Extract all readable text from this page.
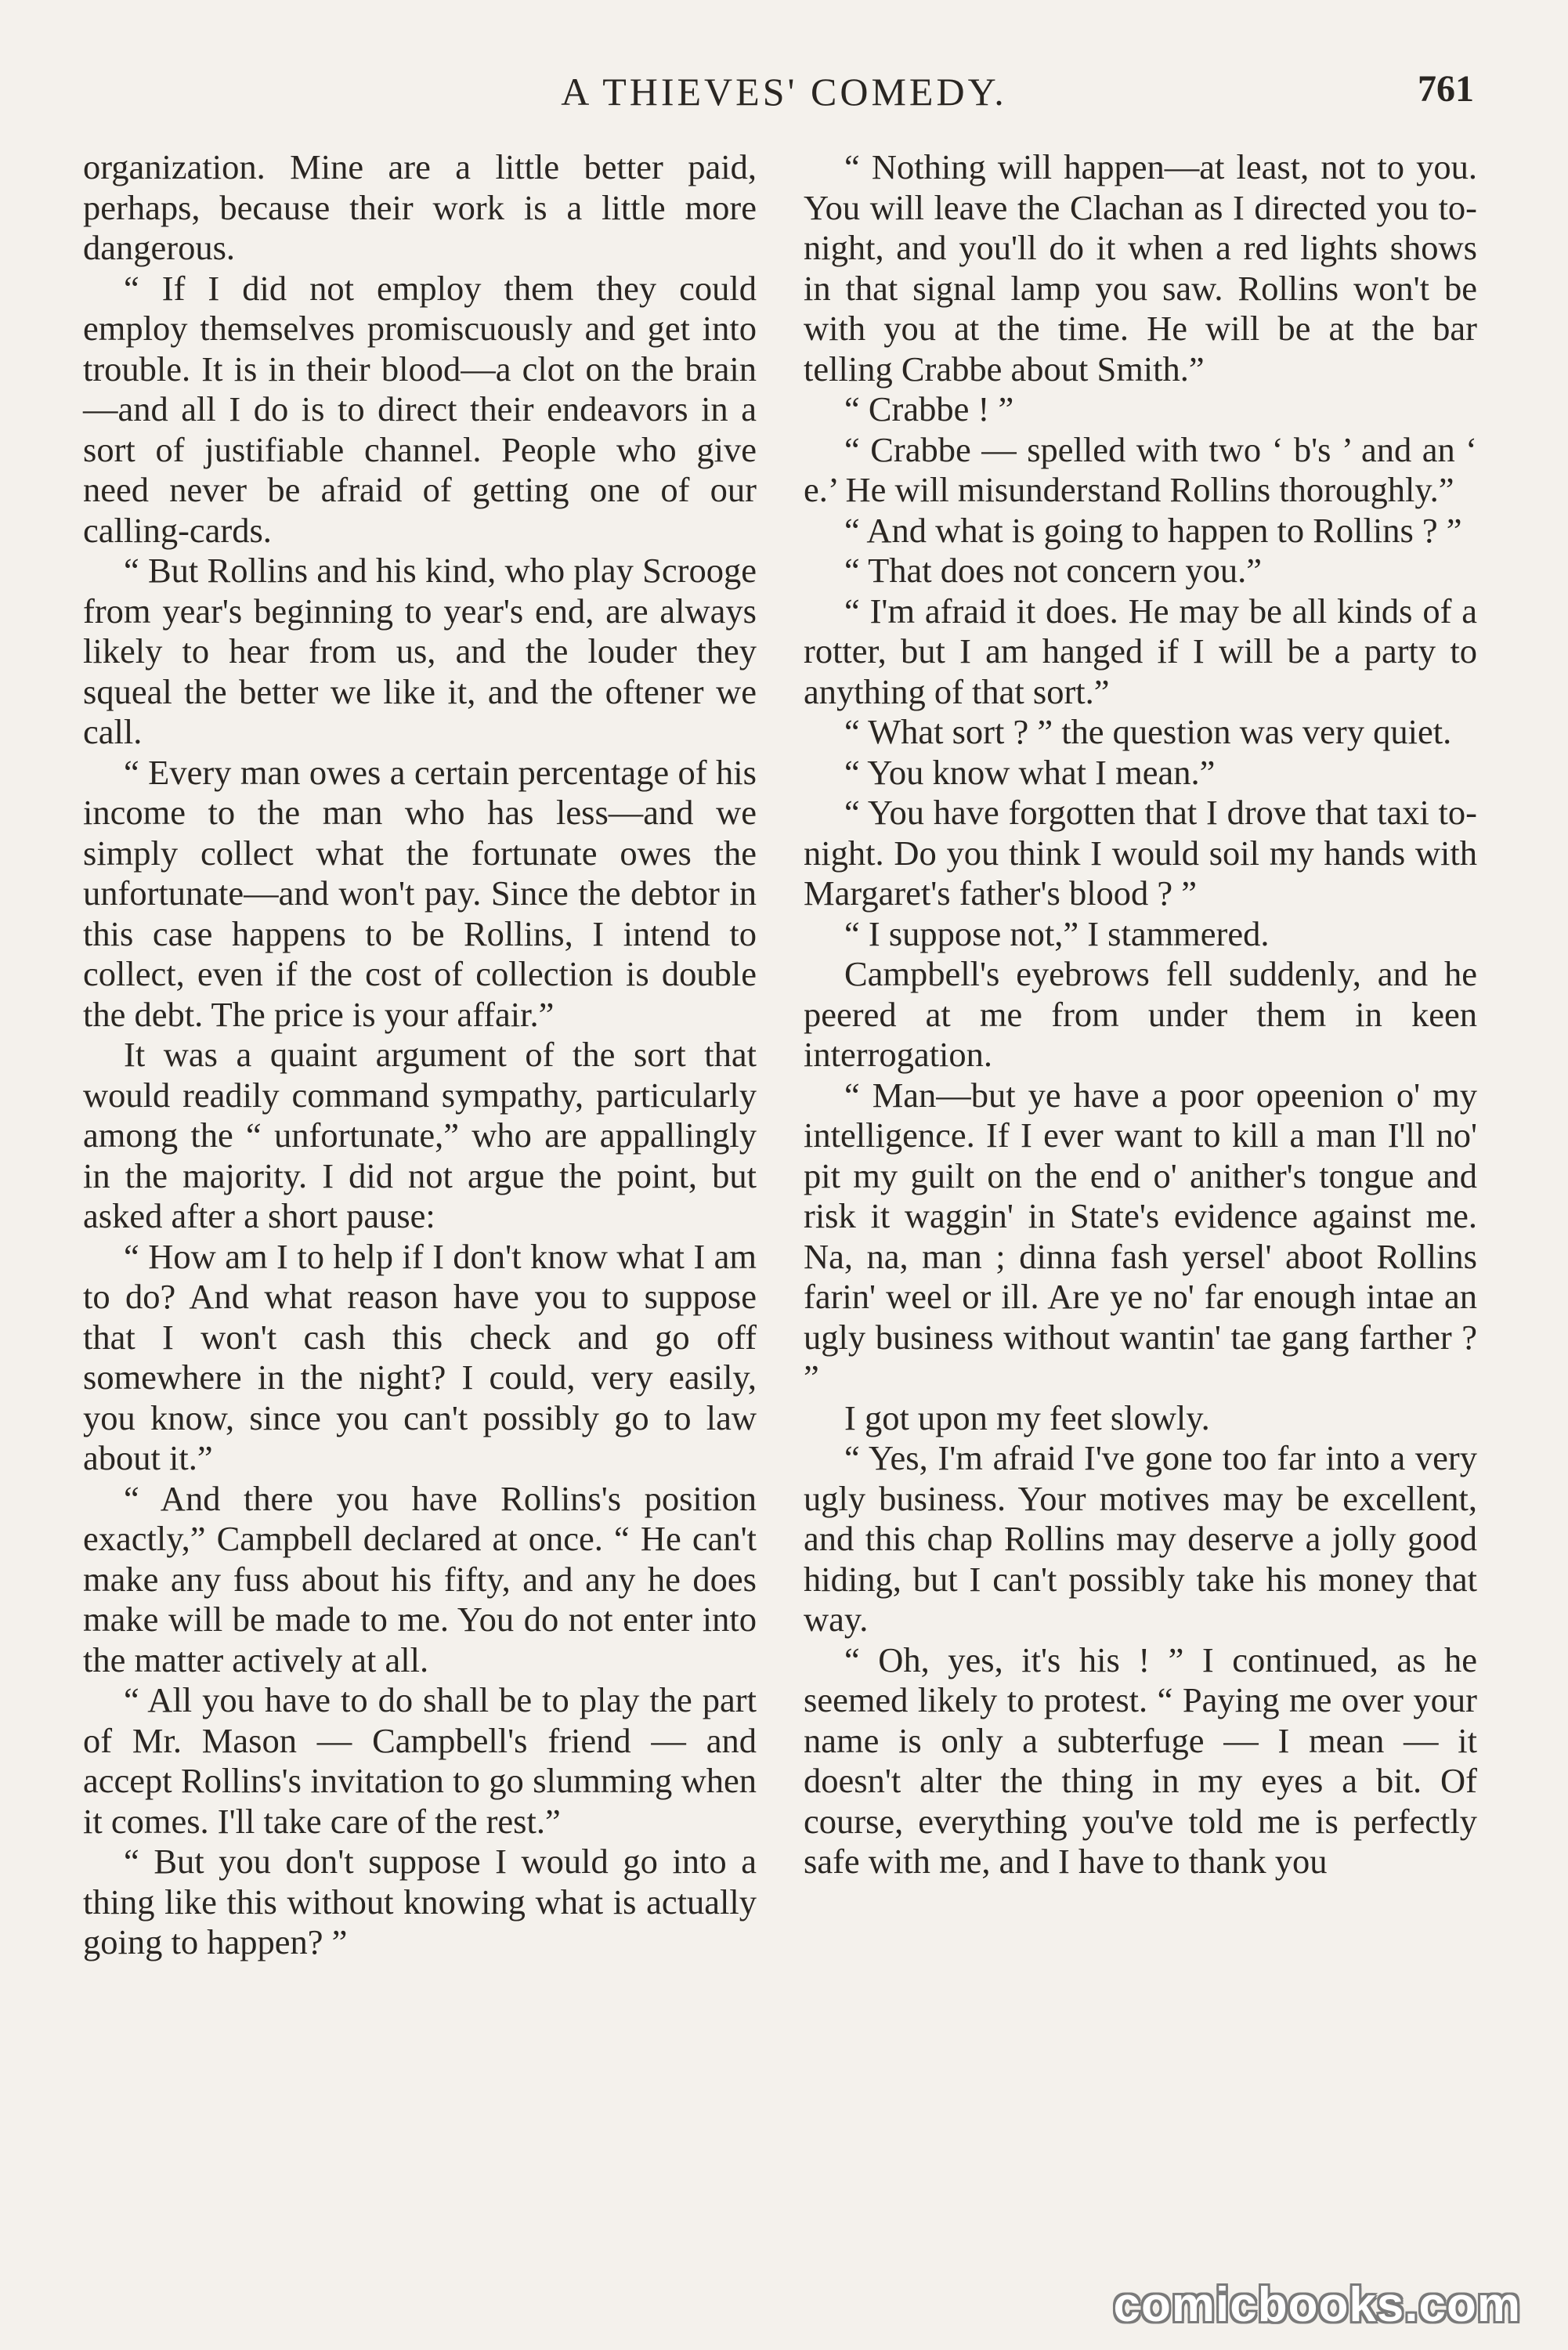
A THIEVES' COMEDY.	761

organization. Mine are a little better paid, perhaps, because their work is a little more dangerous.

“ If I did not employ them they could employ themselves promiscuously and get into trouble. It is in their blood—a clot on the brain—and all I do is to direct their endeavors in a sort of justifiable channel. People who give need never be afraid of getting one of our calling-cards.

“ But Rollins and his kind, who play Scrooge from year's beginning to year's end, are always likely to hear from us, and the louder they squeal the better we like it, and the oftener we call.

“ Every man owes a certain percentage of his income to the man who has less—and we simply collect what the fortunate owes the unfortunate—and won't pay. Since the debtor in this case happens to be Rollins, I intend to collect, even if the cost of collection is double the debt. The price is your affair.”

It was a quaint argument of the sort that would readily command sympathy, particularly among the “ unfortunate,” who are appallingly in the majority. I did not argue the point, but asked after a short pause:

“ How am I to help if I don't know what I am to do? And what reason have you to suppose that I won't cash this check and go off somewhere in the night? I could, very easily, you know, since you can't possibly go to law about it.”

“ And there you have Rollins's position exactly,” Campbell declared at once. “ He can't make any fuss about his fifty, and any he does make will be made to me. You do not enter into the matter actively at all.

“ All you have to do shall be to play the part of Mr. Mason — Campbell's friend — and accept Rollins's invitation to go slumming when it comes. I'll take care of the rest.”

“ But you don't suppose I would go into a thing like this without knowing what is actually going to happen? ”

“ Nothing will happen—at least, not to you. You will leave the Clachan as I directed you to-night, and you'll do it when a red lights shows in that signal lamp you saw. Rollins won't be with you at the time. He will be at the bar telling Crabbe about Smith.”

“ Crabbe ! ”

“ Crabbe — spelled with two ‘ b's ’ and an ‘ e.’ He will misunderstand Rollins thoroughly.”

“ And what is going to happen to Rollins ? ”

“ That does not concern you.”

“ I'm afraid it does. He may be all kinds of a rotter, but I am hanged if I will be a party to anything of that sort.”

“ What sort ? ” the question was very quiet.

“ You know what I mean.”

“ You have forgotten that I drove that taxi to-night. Do you think I would soil my hands with Margaret's father's blood ? ”

“ I suppose not,” I stammered.

Campbell's eyebrows fell suddenly, and he peered at me from under them in keen interrogation.

“ Man—but ye have a poor opeenion o' my intelligence. If I ever want to kill a man I'll no' pit my guilt on the end o' anither's tongue and risk it waggin' in State's evidence against me. Na, na, man ; dinna fash yersel' aboot Rollins farin' weel or ill. Are ye no' far enough intae an ugly business without wantin' tae gang farther ? ”

I got upon my feet slowly.

“ Yes, I'm afraid I've gone too far into a very ugly business. Your motives may be excellent, and this chap Rollins may deserve a jolly good hiding, but I can't possibly take his money that way.

“ Oh, yes, it's his ! ” I continued, as he seemed likely to protest. “ Paying me over your name is only a subterfuge — I mean — it doesn't alter the thing in my eyes a bit. Of course, everything you've told me is perfectly safe with me, and I have to thank you

comicbooks.com
